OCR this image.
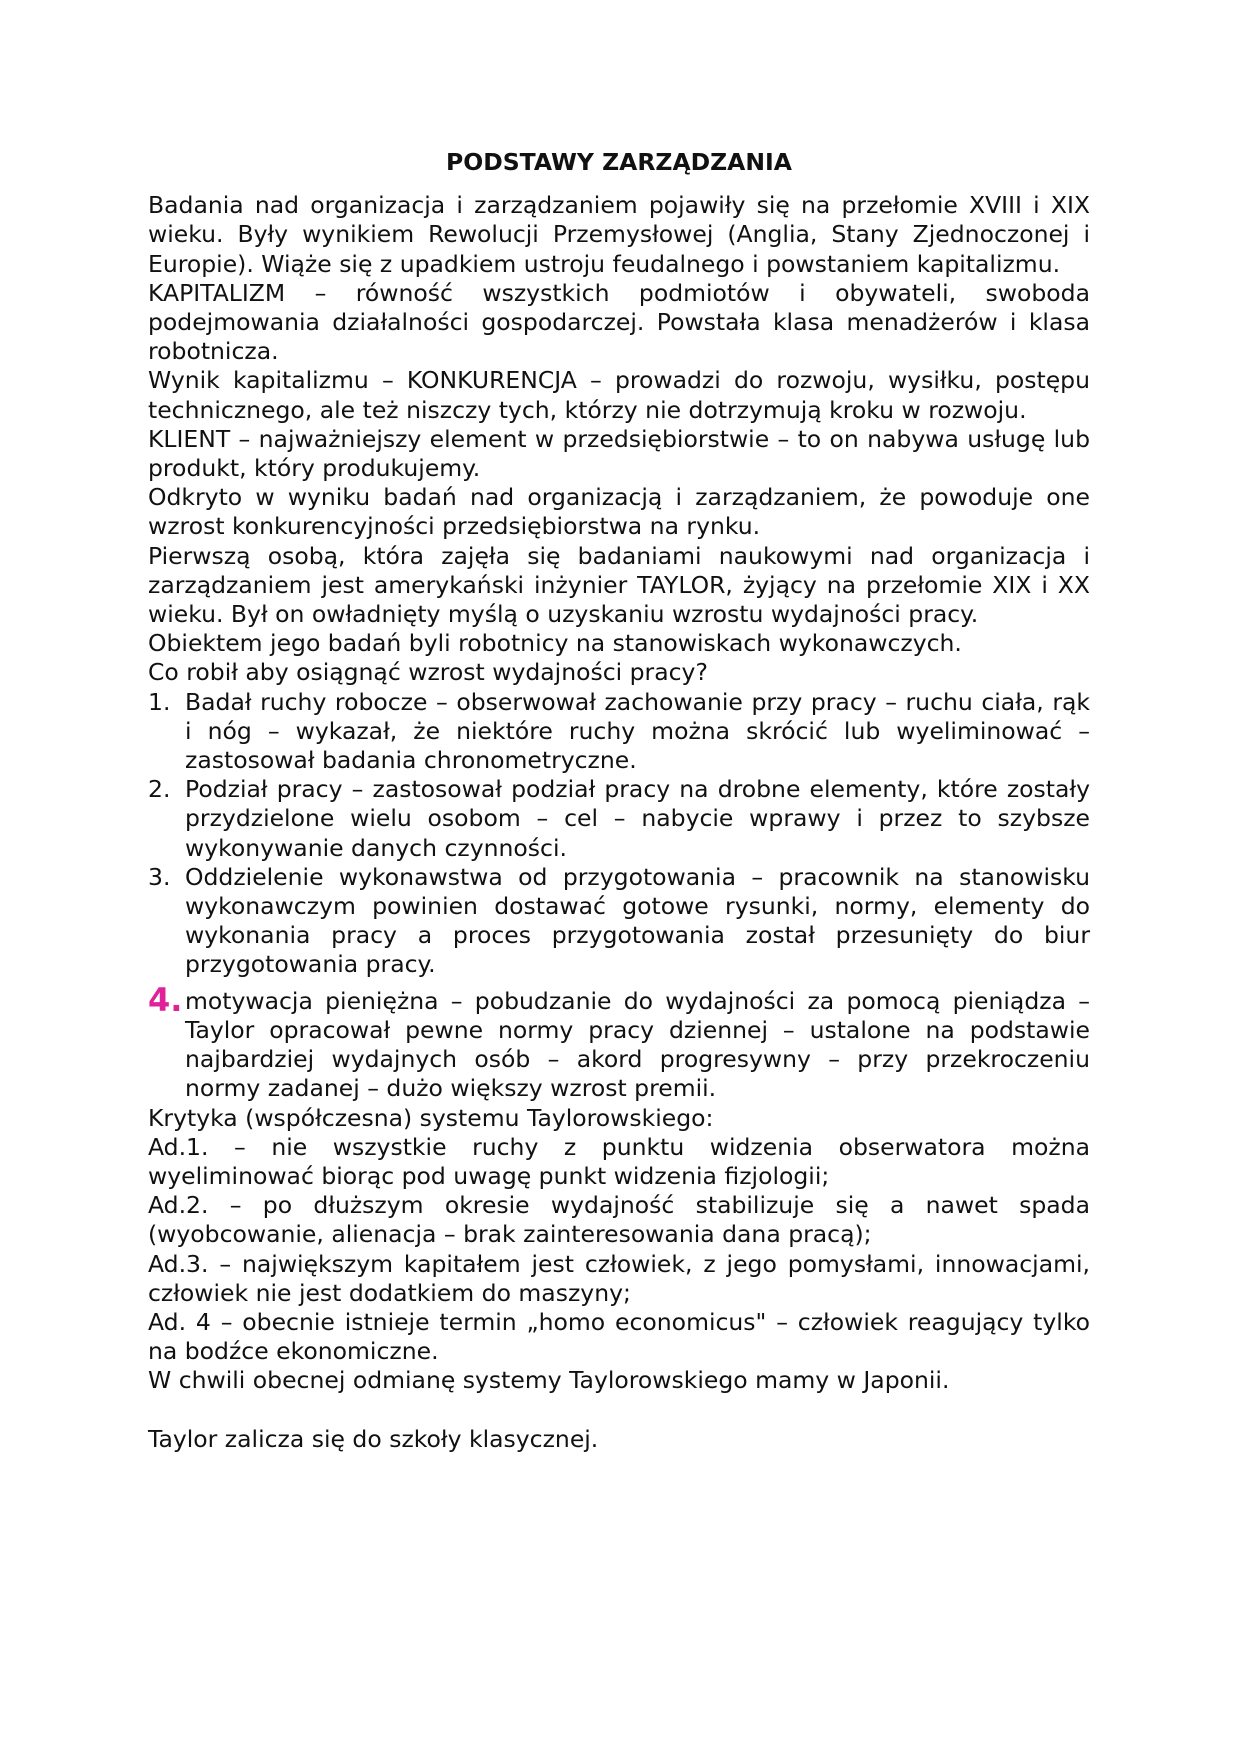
PODSTAWY ZARZĄDZANIA

Badania nad organizacja i zarządzaniem pojawiły się na przełomie XVIII i XIX wieku. Były wynikiem Rewolucji Przemysłowej (Anglia, Stany Zjednoczonej i Europie). Wiąże się z upadkiem ustroju feudalnego i powstaniem kapitalizmu.

KAPITALIZM – równość wszystkich podmiotów i obywateli, swoboda podejmowania działalności gospodarczej. Powstała klasa menadżerów i klasa robotnicza.

Wynik kapitalizmu – KONKURENCJA – prowadzi do rozwoju, wysiłku, postępu technicznego, ale też niszczy tych, którzy nie dotrzymują kroku w rozwoju.

KLIENT – najważniejszy element w przedsiębiorstwie – to on nabywa usługę lub produkt, który produkujemy.

Odkryto w wyniku badań nad organizacją i zarządzaniem, że powoduje one wzrost konkurencyjności przedsiębiorstwa na rynku.

Pierwszą osobą, która zajęła się badaniami naukowymi nad organizacja i zarządzaniem jest amerykański inżynier TAYLOR, żyjący na przełomie XIX i XX wieku. Był on owładnięty myślą o uzyskaniu wzrostu wydajności pracy.

Obiektem jego badań byli robotnicy na stanowiskach wykonawczych.

Co robił aby osiągnąć wzrost wydajności pracy?

1. Badał ruchy robocze – obserwował zachowanie przy pracy – ruchu ciała, rąk i nóg – wykazał, że niektóre ruchy można skrócić lub wyeliminować – zastosował badania chronometryczne.
2. Podział pracy – zastosował podział pracy na drobne elementy, które zostały przydzielone wielu osobom – cel – nabycie wprawy i przez to szybsze wykonywanie danych czynności.
3. Oddzielenie wykonawstwa od przygotowania – pracownik na stanowisku wykonawczym powinien dostawać gotowe rysunki, normy, elementy do wykonania pracy a proces przygotowania został przesunięty do biur przygotowania pracy.
4. motywacja pieniężna – pobudzanie do wydajności za pomocą pieniądza – Taylor opracował pewne normy pracy dziennej – ustalone na podstawie najbardziej wydajnych osób – akord progresywny – przy przekroczeniu normy zadanej – dużo większy wzrost premii.

Krytyka (współczesna) systemu Taylorowskiego:

Ad.1. – nie wszystkie ruchy z punktu widzenia obserwatora można wyeliminować biorąc pod uwagę punkt widzenia fizjologii;

Ad.2. – po dłuższym okresie wydajność stabilizuje się a nawet spada (wyobcowanie, alienacja – brak zainteresowania dana pracą);

Ad.3. – największym kapitałem jest człowiek, z jego pomysłami, innowacjami, człowiek nie jest dodatkiem do maszyny;

Ad. 4 – obecnie istnieje termin „homo economicus" – człowiek reagujący tylko na bodźce ekonomiczne.

W chwili obecnej odmianę systemy Taylorowskiego mamy w Japonii.

Taylor zalicza się do szkoły klasycznej.
